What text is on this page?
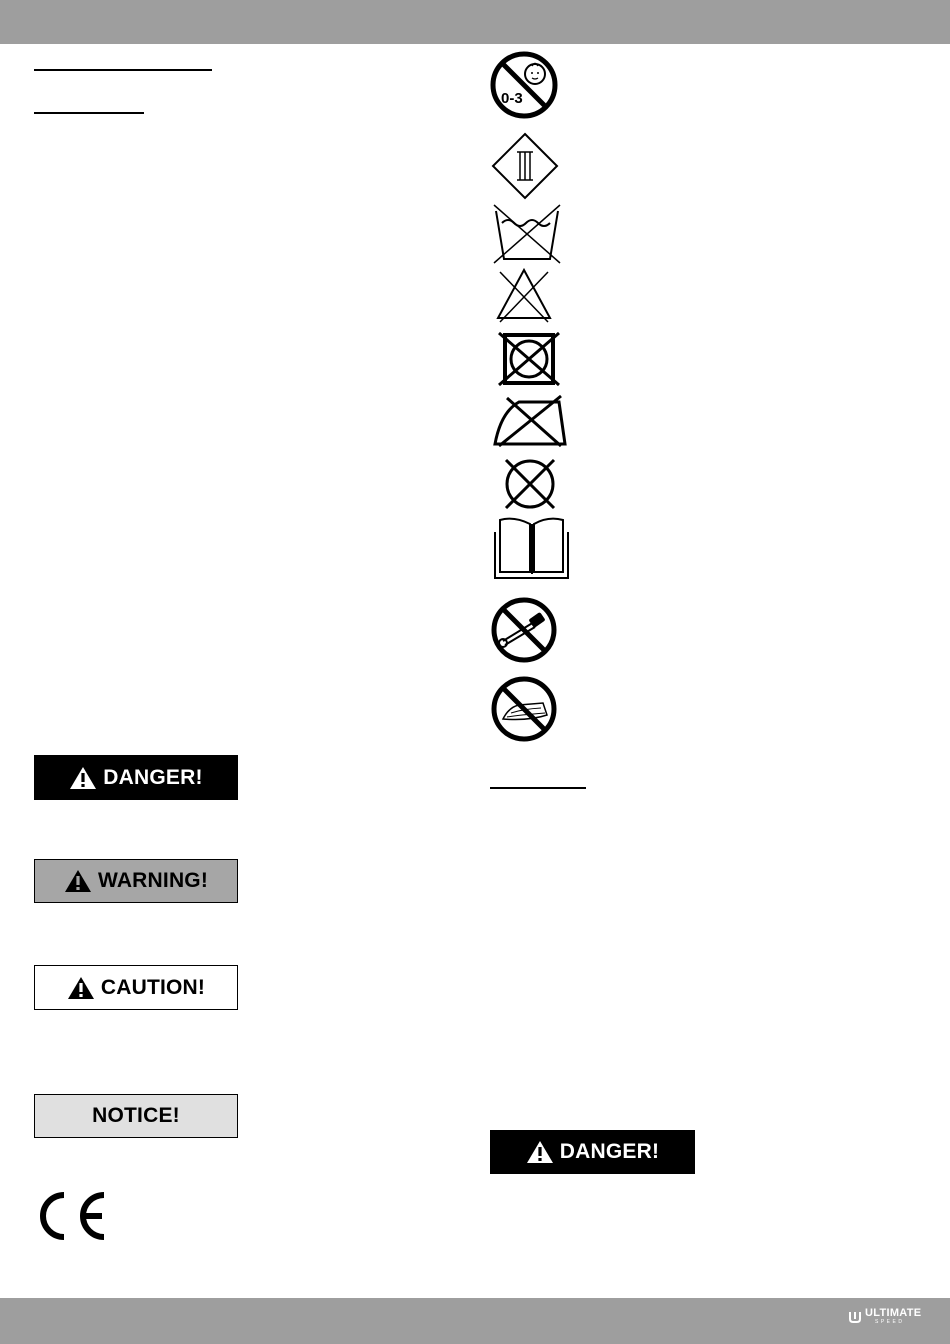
DANGER!
WARNING!
CAUTION!
NOTICE!
0-3
DANGER!
ULTIMATE
SPEED
